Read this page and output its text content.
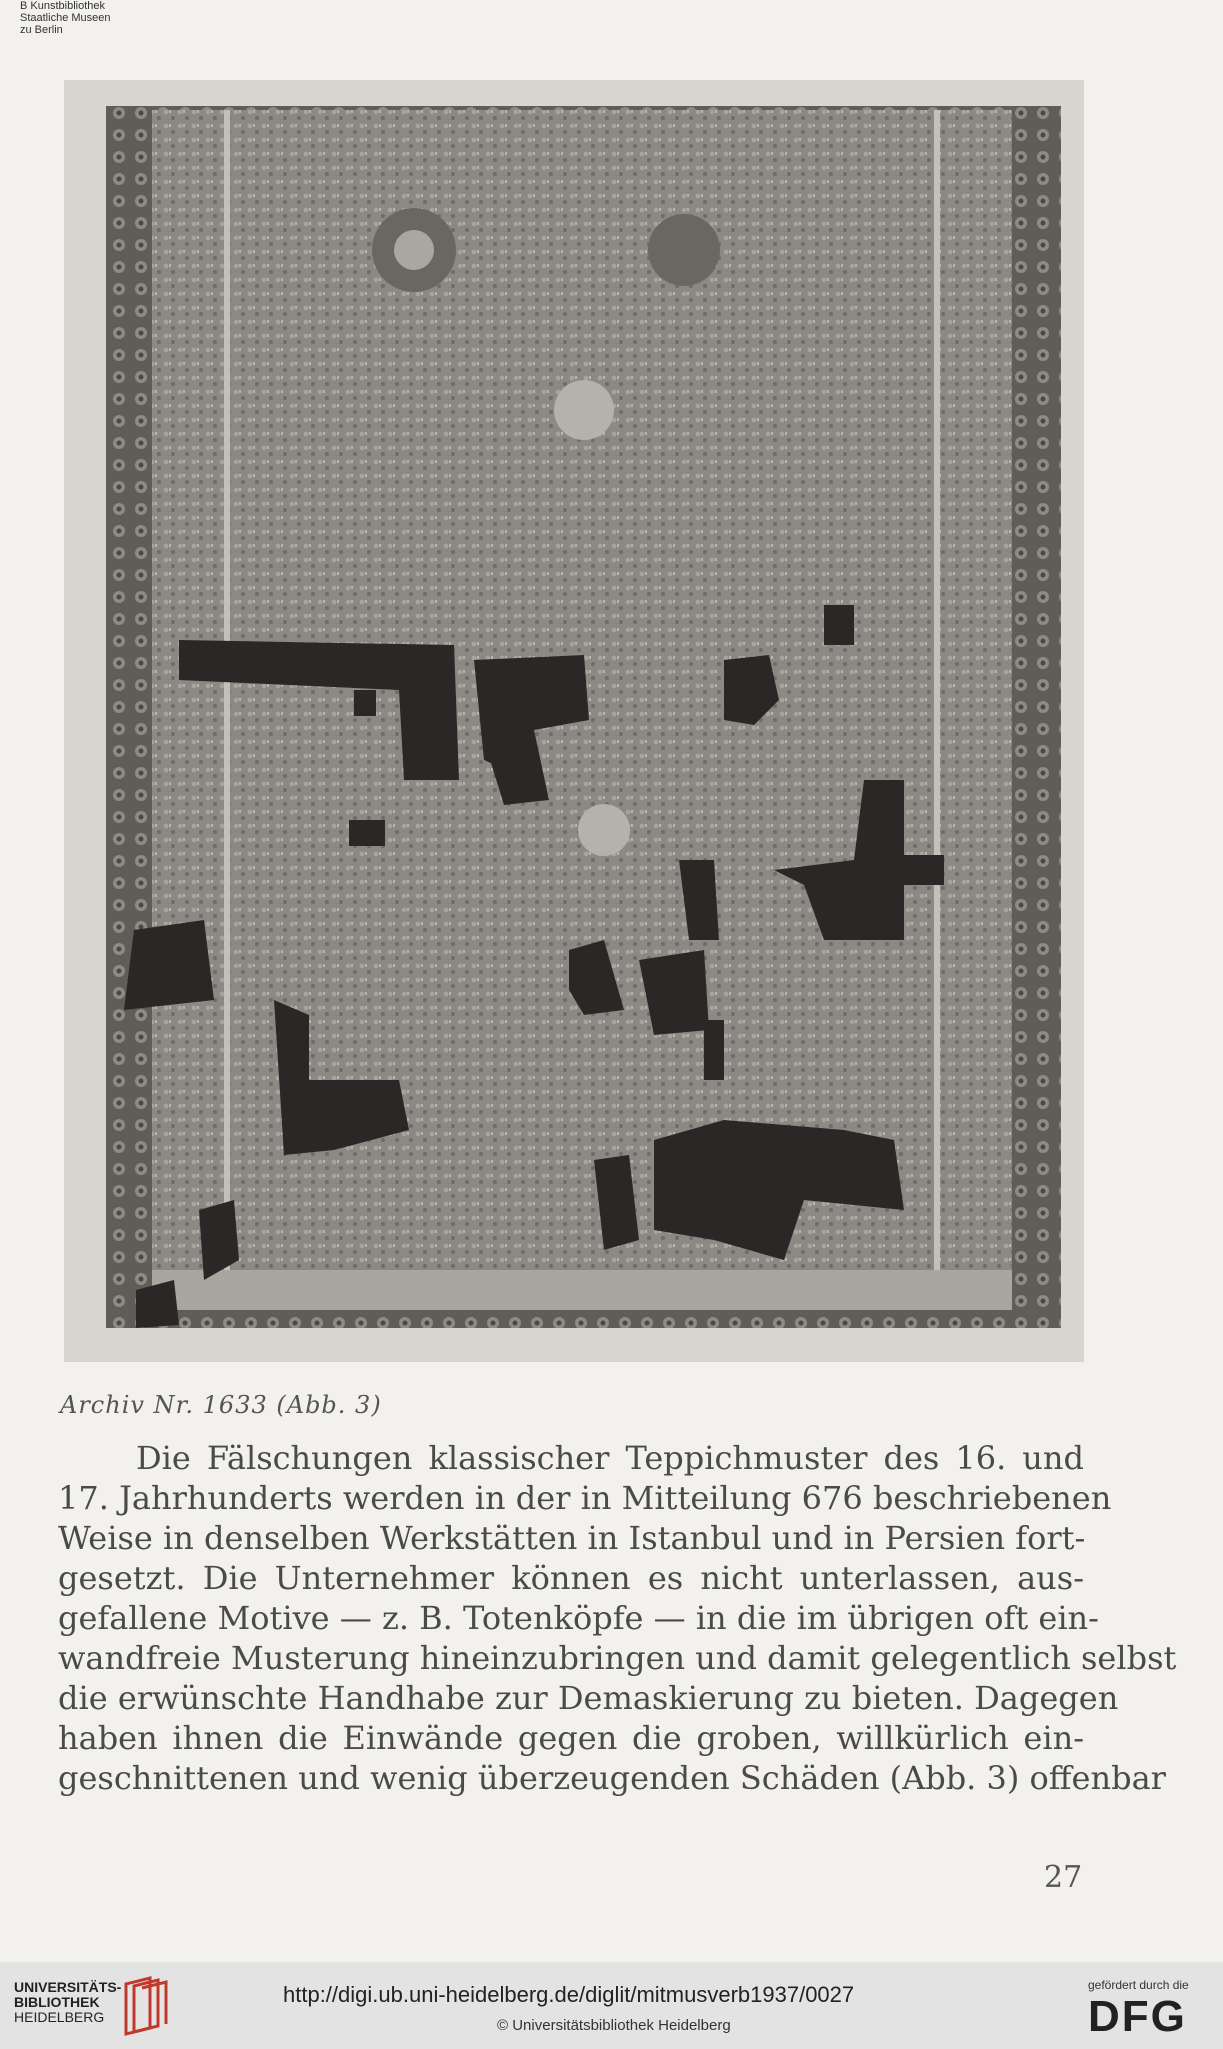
B Kunstbibliothek
Staatliche Museen
zu Berlin
Archiv Nr. 1633 (Abb. 3)
Die Fälschungen klassischer Teppichmuster des 16. und
17. Jahrhunderts werden in der in Mitteilung 676 beschriebenen
Weise in denselben Werkstätten in Istanbul und in Persien fort-
gesetzt. Die Unternehmer können es nicht unterlassen, aus-
gefallene Motive — z. B. Totenköpfe — in die im übrigen oft ein-
wandfreie Musterung hineinzubringen und damit gelegentlich selbst
die erwünschte Handhabe zur Demaskierung zu bieten. Dagegen
haben ihnen die Einwände gegen die groben, willkürlich ein-
geschnittenen und wenig überzeugenden Schäden (Abb. 3) offenbar
27
UNIVERSITÄTS-
BIBLIOTHEK
HEIDELBERG
http://digi.ub.uni-heidelberg.de/diglit/mitmusverb1937/0027
© Universitätsbibliothek Heidelberg
gefördert durch die
DFG
